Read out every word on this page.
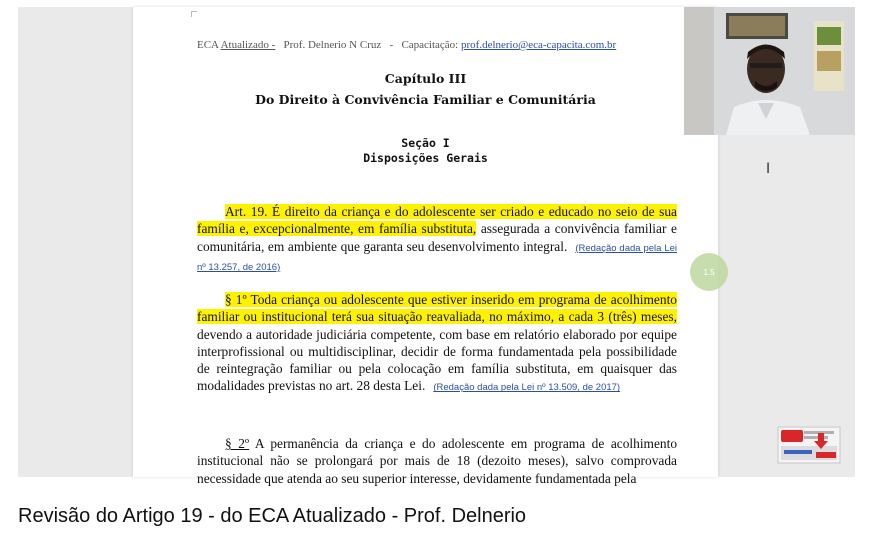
ECA Atualizado - Prof. Delnerio N Cruz - Capacitação: prof.delnerio@eca-capacita.com.br
Capítulo III
Do Direito à Convivência Familiar e Comunitária
Seção I
Disposições Gerais
Art. 19. É direito da criança e do adolescente ser criado e educado no seio de sua família e, excepcionalmente, em família substituta, assegurada a convivência familiar e comunitária, em ambiente que garanta seu desenvolvimento integral. (Redação dada pela Lei nº 13.257, de 2016)
§ 1º Toda criança ou adolescente que estiver inserido em programa de acolhimento familiar ou institucional terá sua situação reavaliada, no máximo, a cada 3 (três) meses, devendo a autoridade judiciária competente, com base em relatório elaborado por equipe interprofissional ou multidisciplinar, decidir de forma fundamentada pela possibilidade de reintegração familiar ou pela colocação em família substituta, em quaisquer das modalidades previstas no art. 28 desta Lei. (Redação dada pela Lei nº 13.509, de 2017)
§ 2º A permanência da criança e do adolescente em programa de acolhimento institucional não se prolongará por mais de 18 (dezoito meses), salvo comprovada necessidade que atenda ao seu superior interesse, devidamente fundamentada pela
I
1.5
Revisão do Artigo 19 - do ECA Atualizado - Prof. Delnerio
